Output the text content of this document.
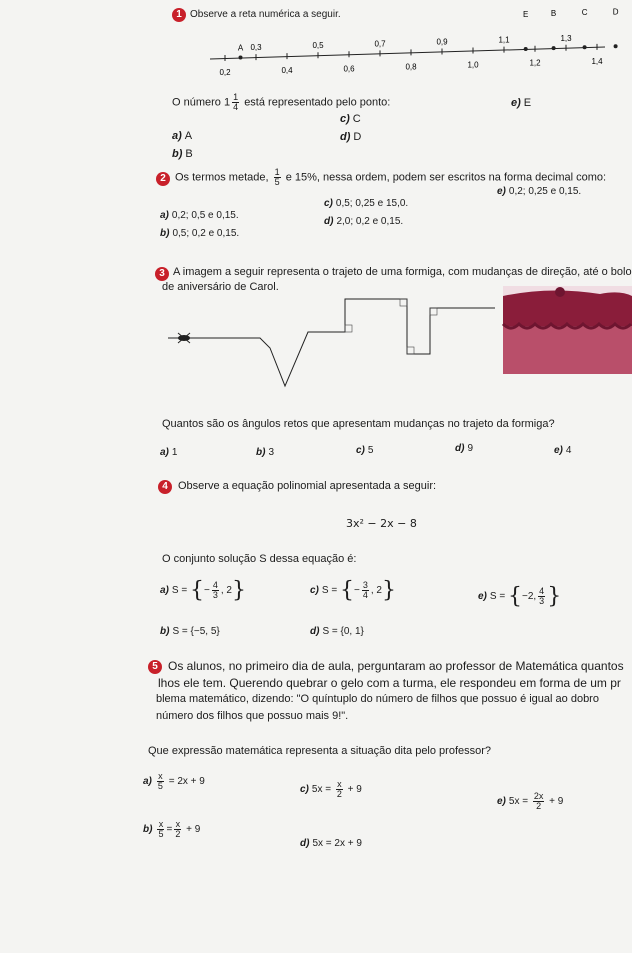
1 Observe a reta numérica a seguir.
0,2
0,3
0,4
0,5
0,6
0,7
0,8
0,9
1,0
1,1
1,2
1,3
1,4
A
E	B	C	D
O número $1 \frac{1}{4}$ está representado pelo ponto:
a) A
b) B
c) C
d) D
e) E
2 Os termos metade, $\frac{1}{5}$ e 15%, nessa ordem, podem ser escritos na forma decimal como:
a) 0,2; 0,5 e 0,15.
b) 0,5; 0,2 e 0,15.
c) 0,5; 0,25 e 15,0.
d) 2,0; 0,2 e 0,15.
e) 0,2; 0,25 e 0,15.
3 A imagem a seguir representa o trajeto de uma formiga, com mudanças de direção, até o bolo
de aniversário de Carol.
Quantos são os ângulos retos que apresentam mudanças no trajeto da formiga?
a) 1	b) 3	c) 5	d) 9	e) 4
4 Observe a equação polinomial apresentada a seguir:
3x² − 2x − 8
O conjunto solução S dessa equação é:
a) S = {− $\frac{4}{3}$ , 2}	c) S = {− $\frac{3}{4}$ , 2}	e) S = {−2, $\frac{4}{3}$ }
b) S = {−5, 5}	d) S = {0, 1}
5 Os alunos, no primeiro dia de aula, perguntaram ao professor de Matemática quantos
lhos ele tem. Querendo quebrar o gelo com a turma, ele respondeu em forma de um pr
blema matemático, dizendo: "O quíntuplo do número de filhos que possuo é igual ao dobro
número dos filhos que possuo mais 9!".
Que expressão matemática representa a situação dita pelo professor?
$a) \frac{x}{5} = 2x + 9$
$b) \frac{x}{5} = \frac{x}{2} + 9$
c) $5x = \frac{x}{2} + 9$
d) 5x = 2x + 9
e) $5x = \frac{2x}{2} + 9$
